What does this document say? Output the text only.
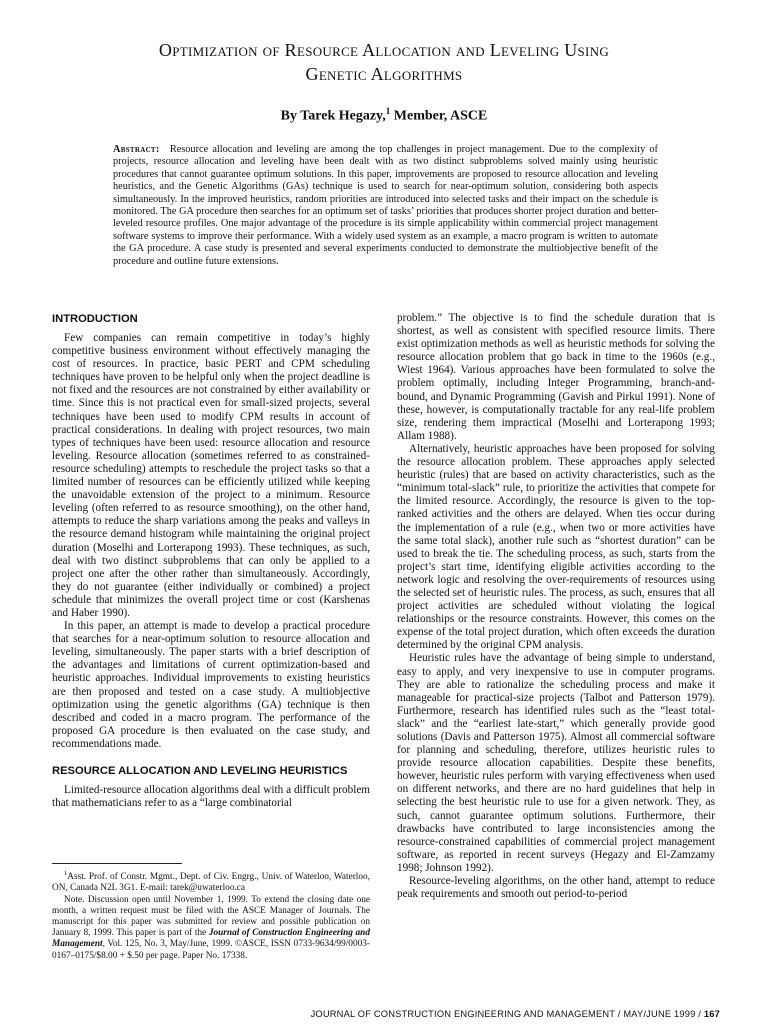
Optimization of Resource Allocation and Leveling Using
Genetic Algorithms
By Tarek Hegazy,$^1$ Member, ASCE

Abstract: Resource allocation and leveling are among the top challenges in project management. Due to the complexity of projects, resource allocation and leveling have been dealt with as two distinct subproblems solved mainly using heuristic procedures that cannot guarantee optimum solutions. In this paper, improvements are proposed to resource allocation and leveling heuristics, and the Genetic Algorithms (GAs) technique is used to search for near-optimum solution, considering both aspects simultaneously. In the improved heuristics, random priorities are introduced into selected tasks and their impact on the schedule is monitored. The GA procedure then searches for an optimum set of tasks’ priorities that produces shorter project duration and better-leveled resource profiles. One major advantage of the procedure is its simple applicability within commercial project management software systems to improve their performance. With a widely used system as an example, a macro program is written to automate the GA procedure. A case study is presented and several experiments conducted to demonstrate the multiobjective benefit of the procedure and outline future extensions.

INTRODUCTION

Few companies can remain competitive in today’s highly competitive business environment without effectively managing the cost of resources. In practice, basic PERT and CPM scheduling techniques have proven to be helpful only when the project deadline is not fixed and the resources are not constrained by either availability or time. Since this is not practical even for small-sized projects, several techniques have been used to modify CPM results in account of practical considerations. In dealing with project resources, two main types of techniques have been used: resource allocation and resource leveling. Resource allocation (sometimes referred to as constrained-resource scheduling) attempts to reschedule the project tasks so that a limited number of resources can be efficiently utilized while keeping the unavoidable extension of the project to a minimum. Resource leveling (often referred to as resource smoothing), on the other hand, attempts to reduce the sharp variations among the peaks and valleys in the resource demand histogram while maintaining the original project duration (Moselhi and Lorterapong 1993). These techniques, as such, deal with two distinct subproblems that can only be applied to a project one after the other rather than simultaneously. Accordingly, they do not guarantee (either individually or combined) a project schedule that minimizes the overall project time or cost (Karshenas and Haber 1990).

In this paper, an attempt is made to develop a practical procedure that searches for a near-optimum solution to resource allocation and leveling, simultaneously. The paper starts with a brief description of the advantages and limitations of current optimization-based and heuristic approaches. Individual improvements to existing heuristics are then proposed and tested on a case study. A multiobjective optimization using the genetic algorithms (GA) technique is then described and coded in a macro program. The performance of the proposed GA procedure is then evaluated on the case study, and recommendations made.

RESOURCE ALLOCATION AND LEVELING HEURISTICS

Limited-resource allocation algorithms deal with a difficult problem that mathematicians refer to as a “large combinatorial

$^1$Asst. Prof. of Constr. Mgmt., Dept. of Civ. Engrg., Univ. of Waterloo, Waterloo, ON, Canada N2L 3G1. E-mail: tarek@uwaterloo.ca

Note. Discussion open until November 1, 1999. To extend the closing date one month, a written request must be filed with the ASCE Manager of Journals. The manuscript for this paper was submitted for review and possible publication on January 8, 1999. This paper is part of the Journal of Construction Engineering and Management, Vol. 125, No. 3, May/June, 1999. ©ASCE, ISSN 0733-9634/99/0003-0167–0175/$8.00 + $.50 per page. Paper No. 17338.

problem.” The objective is to find the schedule duration that is shortest, as well as consistent with specified resource limits. There exist optimization methods as well as heuristic methods for solving the resource allocation problem that go back in time to the 1960s (e.g., Wiest 1964). Various approaches have been formulated to solve the problem optimally, including Integer Programming, branch-and-bound, and Dynamic Programming (Gavish and Pirkul 1991). None of these, however, is computationally tractable for any real-life problem size, rendering them impractical (Moselhi and Lorterapong 1993; Allam 1988).

Alternatively, heuristic approaches have been proposed for solving the resource allocation problem. These approaches apply selected heuristic (rules) that are based on activity characteristics, such as the “minimum total-slack” rule, to prioritize the activities that compete for the limited resource. Accordingly, the resource is given to the top-ranked activities and the others are delayed. When ties occur during the implementation of a rule (e.g., when two or more activities have the same total slack), another rule such as “shortest duration” can be used to break the tie. The scheduling process, as such, starts from the project’s start time, identifying eligible activities according to the network logic and resolving the over-requirements of resources using the selected set of heuristic rules. The process, as such, ensures that all project activities are scheduled without violating the logical relationships or the resource constraints. However, this comes on the expense of the total project duration, which often exceeds the duration determined by the original CPM analysis.

Heuristic rules have the advantage of being simple to understand, easy to apply, and very inexpensive to use in computer programs. They are able to rationalize the scheduling process and make it manageable for practical-size projects (Talbot and Patterson 1979). Furthermore, research has identified rules such as the “least total-slack” and the “earliest late-start,” which generally provide good solutions (Davis and Patterson 1975). Almost all commercial software for planning and scheduling, therefore, utilizes heuristic rules to provide resource allocation capabilities. Despite these benefits, however, heuristic rules perform with varying effectiveness when used on different networks, and there are no hard guidelines that help in selecting the best heuristic rule to use for a given network. They, as such, cannot guarantee optimum solutions. Furthermore, their drawbacks have contributed to large inconsistencies among the resource-constrained capabilities of commercial project management software, as reported in recent surveys (Hegazy and El-Zamzamy 1998; Johnson 1992).

Resource-leveling algorithms, on the other hand, attempt to reduce peak requirements and smooth out period-to-period

JOURNAL OF CONSTRUCTION ENGINEERING AND MANAGEMENT / MAY/JUNE 1999 / 167
